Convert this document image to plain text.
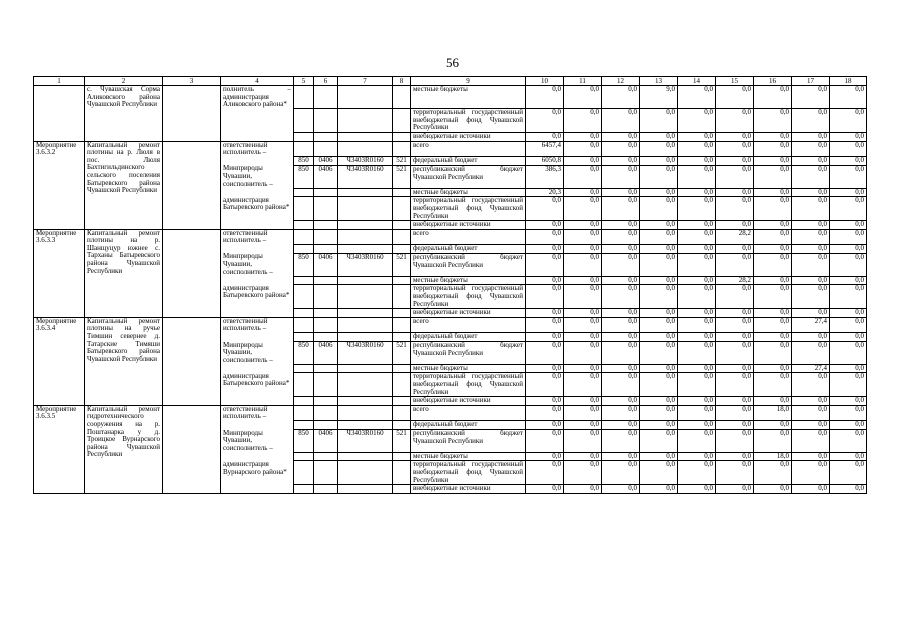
56
1	2	3	4	5	6	7	8	9	10	11	12	13	14	15	16	17	18
	с. Чувашская Сорма Аликовского района Чувашской Республики		полнитель – администрация Аликовского района*					местные бюджеты	0,0	0,0	0,0	9,0	0,0	0,0	0,0	0,0	0,0
								территориальный государственный внебюджетный фонд Чувашской Республики	0,0	0,0	0,0	0,0	0,0	0,0	0,0	0,0	0,0
								внебюджетные источники	0,0	0,0	0,0	0,0	0,0	0,0	0,0	0,0	0,0
Мероприятие 3.6.3.2	Капитальный ремонт плотины на р. Люля в пос. Люля Бахтигильдинского сельского поселения Батыревского района Чувашской Республики		ответственный исполнитель –					всего	6457,4	0,0	0,0	0,0	0,0	0,0	0,0	0,0	0,0
				850	0406	Ч3403R0160	521	федеральный бюджет	6050,8	0,0	0,0	0,0	0,0	0,0	0,0	0,0	0,0
			Минприроды Чувашии, соисполнитель –	850	0406	Ч3403R0160	521	республиканский бюджет Чувашской Республики	386,3	0,0	0,0	0,0	0,0	0,0	0,0	0,0	0,0
								местные бюджеты	20,3	0,0	0,0	0,0	0,0	0,0	0,0	0,0	0,0
			администрация Батыревского района*					территориальный государственный внебюджетный фонд Чувашской Республики	0,0	0,0	0,0	0,0	0,0	0,0	0,0	0,0	0,0
								внебюджетные источники	0,0	0,0	0,0	0,0	0,0	0,0	0,0	0,0	0,0
Мероприятие 3.6.3.3	Капитальный ремонт плотины на р. Шанщуцур южнее с. Тарханы Батыревского района Чувашской Республики		ответственный исполнитель –					всего	0,0	0,0	0,0	0,0	0,0	28,2	0,0	0,0	0,0
								федеральный бюджет	0,0	0,0	0,0	0,0	0,0	0,0	0,0	0,0	0,0
			Минприроды Чувашии, соисполнитель –	850	0406	Ч3403R0160	521	республиканский бюджет Чувашской Республики	0,0	0,0	0,0	0,0	0,0	0,0	0,0	0,0	0,0
								местные бюджеты	0,0	0,0	0,0	0,0	0,0	28,2	0,0	0,0	0,0
			администрация Батыревского района*					территориальный государственный внебюджетный фонд Чувашской Республики	0,0	0,0	0,0	0,0	0,0	0,0	0,0	0,0	0,0
								внебюджетные источники	0,0	0,0	0,0	0,0	0,0	0,0	0,0	0,0	0,0
Мероприятие 3.6.3.4	Капитальный ремонт плотины на ручье Тимшин севернее д. Татарские Тимяши Батыревского района Чувашской Республики		ответственный исполнитель –					всего	0,0	0,0	0,0	0,0	0,0	0,0	0,0	27,4	0,0
								федеральный бюджет	0,0	0,0	0,0	0,0	0,0	0,0	0,0	0,0	0,0
			Минприроды Чувашии, соисполнитель –	850	0406	Ч3403R0160	521	республиканский бюджет Чувашской Республики	0,0	0,0	0,0	0,0	0,0	0,0	0,0	0,0	0,0
								местные бюджеты	0,0	0,0	0,0	0,0	0,0	0,0	0,0	27,4	0,0
			администрация Батыревского района*					территориальный государственный внебюджетный фонд Чувашской Республики	0,0	0,0	0,0	0,0	0,0	0,0	0,0	0,0	0,0
								внебюджетные источники	0,0	0,0	0,0	0,0	0,0	0,0	0,0	0,0	0,0
Мероприятие 3.6.3.5	Капитальный ремонт гидротехнического сооружения на р. Поштанарка у д. Троицкое Вурнарского района Чувашской Республики		ответственный исполнитель –					всего	0,0	0,0	0,0	0,0	0,0	0,0	18,0	0,0	0,0
								федеральный бюджет	0,0	0,0	0,0	0,0	0,0	0,0	0,0	0,0	0,0
			Минприроды Чувашии, соисполнитель –	850	0406	Ч3403R0160	521	республиканский бюджет Чувашской Республики	0,0	0,0	0,0	0,0	0,0	0,0	0,0	0,0	0,0
								местные бюджеты	0,0	0,0	0,0	0,0	0,0	0,0	18,0	0,0	0,0
			администрация Вурнарского района*					территориальный государственный внебюджетный фонд Чувашской Республики	0,0	0,0	0,0	0,0	0,0	0,0	0,0	0,0	0,0
								внебюджетные источники	0,0	0,0	0,0	0,0	0,0	0,0	0,0	0,0	0,0
